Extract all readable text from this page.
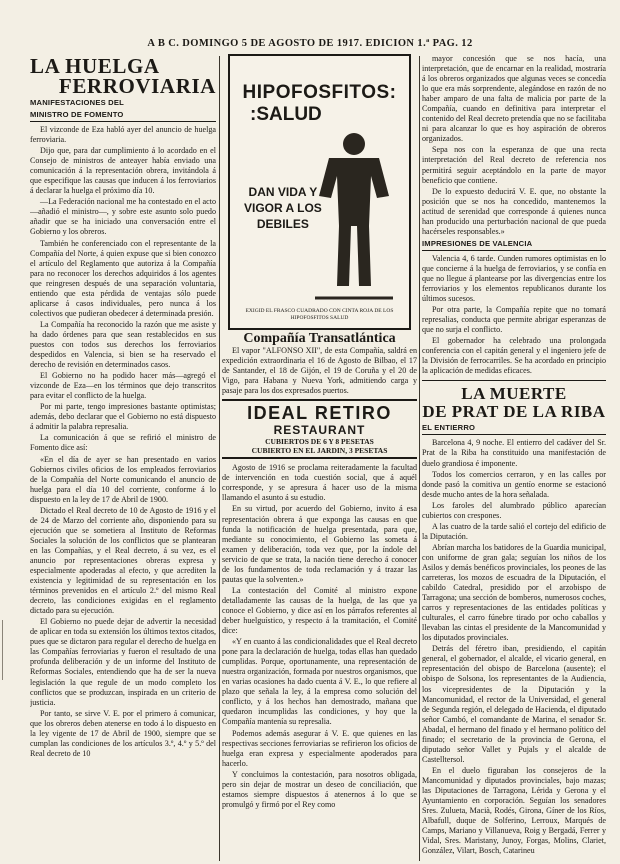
A B C. DOMINGO 5 DE AGOSTO DE 1917. EDICION 1.ª PAG. 12
LA HUELGA
FERROVIARIA
MANIFESTACIONES DEL
MINISTRO DE FOMENTO

El vizconde de Eza habló ayer del anuncio de huelga ferroviaria.

Dijo que, para dar cumplimiento á lo acordado en el Consejo de ministros de anteayer había enviado una comunicación á la representación obrera, invitándola á que especifique las causas que inducen á los ferroviarios á declarar la huelga el próximo día 10.

—La Federación nacional me ha contestado en el acto—añadió el ministro—, y sobre este asunto solo puedo añadir que se ha iniciado una conversación entre el Gobierno y los obreros.

También he conferenciado con el representante de la Compañía del Norte, á quien expuse que si bien conozco el artículo del Reglamento que autoriza á la Compañía para no reconocer los derechos adquiridos á los agentes que reingresen después de una separación voluntaria, entiendo que esta pérdida de ventajas sólo puede aplicarse á casos individuales, pero nunca á los colectivos que pudieran obedecer á determinada presión.

La Compañía ha reconocido la razón que me asiste y ha dado órdenes para que sean restablecidos en sus puestos con todos sus derechos los ferroviarios despedidos en Valencia, si bien se ha reservado el derecho de revisión en determinados casos.

El Gobierno no ha podido hacer más—agregó el vizconde de Eza—en los términos que dejo transcritos para evitar el conflicto de la huelga.

Por mi parte, tengo impresiones bastante optimistas; además, debo declarar que el Gobierno no está dispuesto á admitir la palabra represalia.

La comunicación á que se refirió el ministro de Fomento dice así:

«En el día de ayer se han presentado en varios Gobiernos civiles oficios de los empleados ferroviarios de la Compañía del Norte comunicando el anuncio de huelga para el día 10 del corriente, conforme á lo dispuesto en la ley de 17 de Abril de 1900.

Dictado el Real decreto de 10 de Agosto de 1916 y el de 24 de Marzo del corriente año, disponiendo para su ejecución que se sometiera al Instituto de Reformas Sociales la solución de los conflictos que se plantearan en las Compañías, y el Real decreto, á su vez, es el anuncio por representaciones obreras expresa y especialmente apoderadas al efecto, y que acrediten la existencia y legitimidad de su representación en los términos prevenidos en el artículo 2.º del mismo Real decreto, las condiciones exigidas en el reglamento dictado para su ejecución.

El Gobierno no puede dejar de advertir la necesidad de aplicar en toda su extensión los últimos textos citados, pues que se dictaron para regular el derecho de huelga en las Compañías ferroviarias y fueron el resultado de una profunda deliberación y de un informe del Instituto de Reformas Sociales, entendiendo que ha de ser la nueva legislación la que regule de un modo completo los conflictos que se produzcan, inspirada en un criterio de justicia.

Por tanto, se sirve V. E. por el primero á comunicar, que los obreros deben atenerse en todo á lo dispuesto en la ley vigente de 17 de Abril de 1900, siempre que se cumplan las condiciones de los artículos 3.º, 4.º y 5.º del Real decreto de 10

HIPOFOSFITOS:
:SALUD
DAN VIDA Y
VIGOR A LOS
DEBILES
EXIGID EL FRASCO CUADRADO CON CINTA ROJA DE LOS HIPOFOSFITOS SALUD
Compañía Transatlántica

El vapor "ALFONSO XII", de esta Compañía, saldrá en expedición extraordinaria el 16 de Agosto de Bilbao, el 17 de Santander, el 18 de Gijón, el 19 de Coruña y el 20 de Vigo, para Habana y Nueva York, admitiendo carga y pasaje para los dos expresados puertos.

IDEAL RETIRO
RESTAURANT
CUBIERTOS DE 6 Y 8 PESETAS
CUBIERTO EN EL JARDIN, 3 PESETAS

Agosto de 1916 se proclama reiteradamente la facultad de intervención en toda cuestión social, que á aquél corresponde, y se apresura á hacer uso de la misma llamando el asunto á su estudio.

En su virtud, por acuerdo del Gobierno, invito á esa representación obrera á que exponga las causas en que funda la notificación de huelga presentada, para que, mediante su conocimiento, el Gobierno las someta á examen y deliberación, toda vez que, por la índole del servicio de que se trata, la nación tiene derecho á conocer de los fundamentos de toda reclamación y á trazar las pautas que la solventen.»

La contestación del Comité al ministro expone detalladamente las causas de la huelga, de las que ya conoce el Gobierno, y dice así en los párrafos referentes al deber huelguístico, y respecto á la tramitación, el Comité dice:

«Y en cuanto á las condicionalidades que el Real decreto pone para la declaración de huelga, todas ellas han quedado cumplidas. Porque, oportunamente, una representación de nuestra organización, formada por nuestros organismos, que en varias ocasiones ha dado cuenta á V. E., lo que refiere al plazo que señala la ley, á la empresa como solución del conflicto, y á los hechos han demostrado, mañana que quedaron incumplidas las condiciones, y hoy que la Compañía mantenía su represalia.

Podemos además asegurar á V. E. que quienes en las respectivas secciones ferroviarias se refirieron los oficios de huelga eran expresa y especialmente apoderados para hacerlo.

Y concluimos la contestación, para nosotros obligada, pero sin dejar de mostrar un deseo de conciliación, que estamos siempre dispuestos á atenernos á lo que se promulgó y firmó por el Rey como

mayor concesión que se nos hacía, una interpretación, que de encarnar en la realidad, mostraría á los obreros organizados que algunas veces se concedía lo que era más sorprendente, alegándose en razón de no haber amparo de una falta de malicia por parte de la Compañía, cuando en definitiva para interpretar el contenido del Real decreto pretendía que no se facilitaba ni para alcanzar lo que es hoy aspiración de obreros organizados.

Sepa nos con la esperanza de que una recta interpretación del Real decreto de referencia nos permitirá seguir aceptándolo en la parte de mayor beneficio que contiene.

De lo expuesto deducirá V. E. que, no obstante la posición que se nos ha concedido, mantenemos la actitud de serenidad que corresponde á quienes nunca han producido una perturbación nacional de que pueda hacérseles responsables.»

IMPRESIONES DE VALENCIA

Valencia 4, 6 tarde. Cunden rumores optimistas en lo que concierne á la huelga de ferroviarios, y se confía en que no llegue á plantearse por las divergencias entre los ferroviarios y los elementos republicanos durante los últimos sucesos.

Por otra parte, la Compañía repite que no tomará represalias, conducta que permite abrigar esperanzas de que no surja el conflicto.

El gobernador ha celebrado una prolongada conferencia con el capitán general y el ingeniero jefe de la División de ferrocarriles. Se ha acordado en principio la aplicación de medidas eficaces.

LA MUERTE
DE PRAT DE LA RIBA
EL ENTIERRO

Barcelona 4, 9 noche. El entierro del cadáver del Sr. Prat de la Riba ha constituido una manifestación de duelo grandiosa é imponente.

Todos los comercios cerraron, y en las calles por donde pasó la comitiva un gentío enorme se estacionó desde mucho antes de la hora señalada.

Los faroles del alumbrado público aparecían cubiertos con crespones.

A las cuatro de la tarde salió el cortejo del edificio de la Diputación.

Abrían marcha los batidores de la Guardia municipal, con uniforme de gran gala; seguían los niños de los Asilos y demás benéficos provinciales, los peones de las carreteras, los mozos de escuadra de la Diputación, el cabildo Catedral, presidido por el arzobispo de Tarragona; una sección de bomberos, numerosos coches, carros y representaciones de las entidades políticas y culturales, el carro fúnebre tirado por ocho caballos y llevaban las cintas el presidente de la Mancomunidad y los diputados provinciales.

Detrás del féretro iban, presidiendo, el capitán general, el gobernador, el alcalde, el vicario general, en representación del obispo de Barcelona (ausente); el obispo de Solsona, los representantes de la Audiencia, los vicepresidentes de la Diputación y la Mancomunidad, el rector de la Universidad, el general de Segunda región, el delegado de Hacienda, el diputado señor Cambó, el comandante de Marina, el senador Sr. Abadal, el hermano del finado y el hermano político del finado; el secretario de la provincia de Gerona, el diputado señor Vallet y Pujals y el alcalde de Castelltersol.

En el duelo figuraban los consejeros de la Mancomunidad y diputados provinciales, bajo mazas; las Diputaciones de Tarragona, Lérida y Gerona y el Ayuntamiento en corporación. Seguían los senadores Sres. Zulueta, Macià, Rodés, Girona, Gíner de los Ríos, Albafull, duque de Solferino, Lerroux, Marqués de Camps, Mariano y Villanueva, Roig y Bergadá, Ferrer y Vidal, Sres. Maristany, Junoy, Forgas, Molins, Clariet, González, Vilart, Bosch, Catarineu
